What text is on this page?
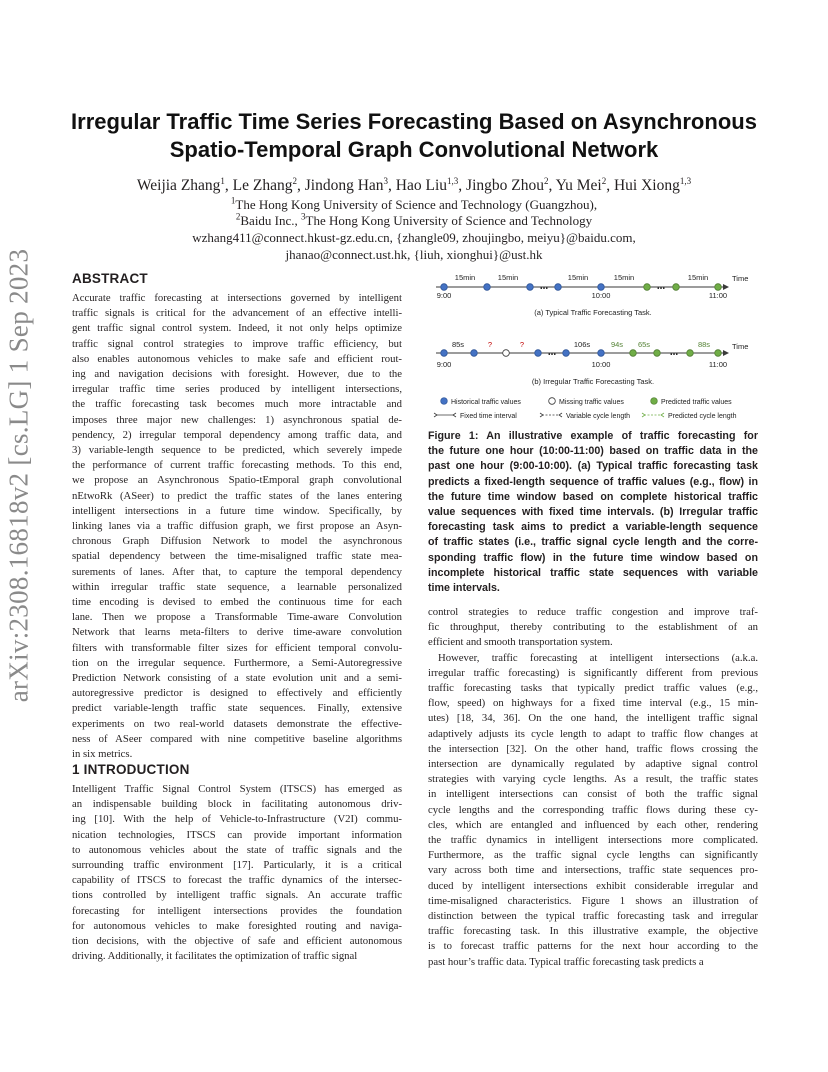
arXiv:2308.16818v2 [cs.LG] 1 Sep 2023
Irregular Traffic Time Series Forecasting Based on Asynchronous
Spatio-Temporal Graph Convolutional Network
Weijia Zhang$^1$, Le Zhang$^2$, Jindong Han$^3$, Hao Liu$^{1,3}$, Jingbo Zhou$^2$, Yu Mei$^2$, Hui Xiong$^{1,3}$
$^1$The Hong Kong University of Science and Technology (Guangzhou),
$^2$Baidu Inc., $^3$The Hong Kong University of Science and Technology
wzhang411@connect.hkust-gz.edu.cn, {zhangle09, zhoujingbo, meiyu}@baidu.com,
jhanao@connect.ust.hk, {liuh, xionghui}@ust.hk
ABSTRACT
Accurate traffic forecasting at intersections governed by intelligent
traffic signals is critical for the advancement of an effective intelli-
gent traffic signal control system. Indeed, it not only helps optimize
traffic signal control strategies to improve traffic efficiency, but
also enables autonomous vehicles to make safe and efficient rout-
ing and navigation decisions with foresight. However, due to the
irregular traffic time series produced by intelligent intersections,
the traffic forecasting task becomes much more intractable and
imposes three major new challenges: 1) asynchronous spatial de-
pendency, 2) irregular temporal dependency among traffic data, and
3) variable-length sequence to be predicted, which severely impede
the performance of current traffic forecasting methods. To this end,
we propose an Asynchronous Spatio-tEmporal graph convolutional
nEtwoRk (ASeer) to predict the traffic states of the lanes entering
intelligent intersections in a future time window. Specifically, by
linking lanes via a traffic diffusion graph, we first propose an Asyn-
chronous Graph Diffusion Network to model the asynchronous
spatial dependency between the time-misaligned traffic state mea-
surements of lanes. After that, to capture the temporal dependency
within irregular traffic state sequence, a learnable personalized
time encoding is devised to embed the continuous time for each
lane. Then we propose a Transformable Time-aware Convolution
Network that learns meta-filters to derive time-aware convolution
filters with transformable filter sizes for efficient temporal convolu-
tion on the irregular sequence. Furthermore, a Semi-Autoregressive
Prediction Network consisting of a state evolution unit and a semi-
autoregressive predictor is designed to effectively and efficiently
predict variable-length traffic state sequences. Finally, extensive
experiments on two real-world datasets demonstrate the effective-
ness of ASeer compared with nine competitive baseline algorithms
in six metrics.
1 INTRODUCTION
Intelligent Traffic Signal Control System (ITSCS) has emerged as
an indispensable building block in facilitating autonomous driv-
ing [10]. With the help of Vehicle-to-Infrastructure (V2I) commu-
nication technologies, ITSCS can provide important information
to autonomous vehicles about the state of traffic signals and the
surrounding traffic environment [17]. Particularly, it is a critical
capability of ITSCS to forecast the traffic dynamics of the intersec-
tions controlled by intelligent traffic signals. An accurate traffic
forecasting for intelligent intersections provides the foundation
for autonomous vehicles to make foresighted routing and naviga-
tion decisions, with the objective of safe and efficient autonomous
driving. Additionally, it facilitates the optimization of traffic signal
Time
15min	15min	15min	15min	15min
...	...
9:00	10:00	11:00
(a) Typical Traffic Forecasting Task.
Time
85s	?	?	106s	94s 65s	88s
...	...
9:00	10:00	11:00
(b) Irregular Traffic Forecasting Task.
Historical traffic values	Missing traffic values	Predicted traffic values
Fixed time interval	Variable cycle length	Predicted cycle length
Figure 1: An illustrative example of traffic forecasting for
the future one hour (10:00-11:00) based on traffic data in the
past one hour (9:00-10:00). (a) Typical traffic forecasting task
predicts a fixed-length sequence of traffic values (e.g., flow) in
the future time window based on complete historical traffic
value sequences with fixed time intervals. (b) Irregular traffic
forecasting task aims to predict a variable-length sequence
of traffic states (i.e., traffic signal cycle length and the corre-
sponding traffic flow) in the future time window based on
incomplete historical traffic state sequences with variable
time intervals.
control strategies to reduce traffic congestion and improve traf-
fic throughput, thereby contributing to the establishment of an
efficient and smooth transportation system.
However, traffic forecasting at intelligent intersections (a.k.a.
irregular traffic forecasting) is significantly different from previous
traffic forecasting tasks that typically predict traffic values (e.g.,
flow, speed) on highways for a fixed time interval (e.g., 15 min-
utes) [18, 34, 36]. On the one hand, the intelligent traffic signal
adaptively adjusts its cycle length to adapt to traffic flow changes at
the intersection [32]. On the other hand, traffic flows crossing the
intersection are dynamically regulated by adaptive signal control
strategies with varying cycle lengths. As a result, the traffic states
in intelligent intersections can consist of both the traffic signal
cycle lengths and the corresponding traffic flows during these cy-
cles, which are entangled and influenced by each other, rendering
the traffic dynamics in intelligent intersections more complicated.
Furthermore, as the traffic signal cycle lengths can significantly
vary across both time and intersections, traffic state sequences pro-
duced by intelligent intersections exhibit considerable irregular and
time-misaligned characteristics. Figure 1 shows an illustration of
distinction between the typical traffic forecasting task and irregular
traffic forecasting task. In this illustrative example, the objective
is to forecast traffic patterns for the next hour according to the
past hour’s traffic data. Typical traffic forecasting task predicts a
